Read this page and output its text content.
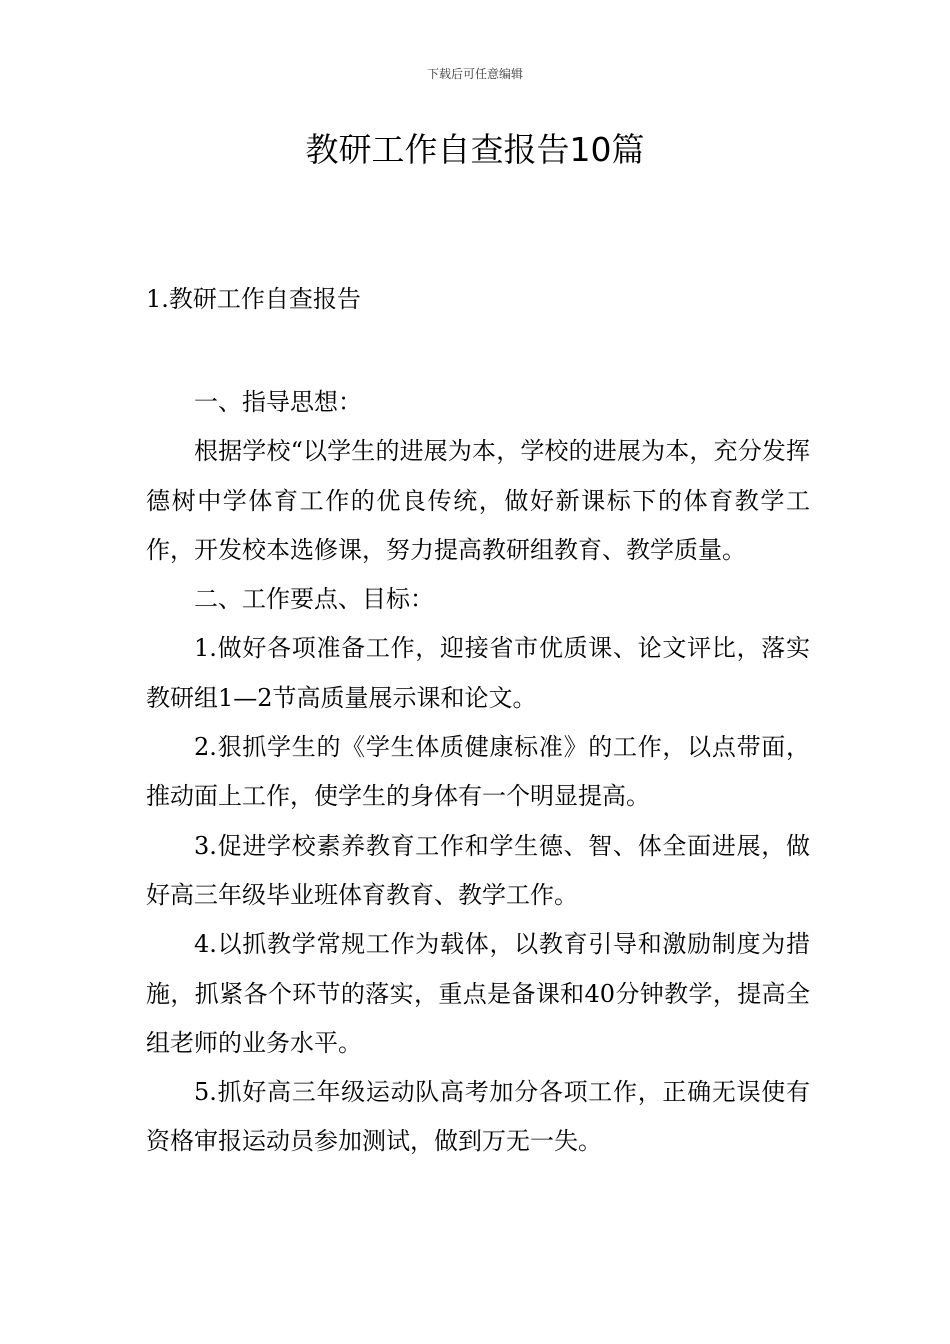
下载后可任意编辑
教研工作自查报告10篇
1.教研工作自查报告

一、指导思想：

根据学校“以学生的进展为本，学校的进展为本，充分发挥德树中学体育工作的优良传统，做好新课标下的体育教学工作，开发校本选修课，努力提高教研组教育、教学质量。

二、工作要点、目标：

1.做好各项准备工作，迎接省市优质课、论文评比，落实教研组1—2节高质量展示课和论文。

2.狠抓学生的《学生体质健康标准》的工作，以点带面，推动面上工作，使学生的身体有一个明显提高。

3.促进学校素养教育工作和学生德、智、体全面进展，做好高三年级毕业班体育教育、教学工作。

4.以抓教学常规工作为载体，以教育引导和激励制度为措施，抓紧各个环节的落实，重点是备课和40分钟教学，提高全组老师的业务水平。

5.抓好高三年级运动队高考加分各项工作，正确无误使有资格审报运动员参加测试，做到万无一失。
